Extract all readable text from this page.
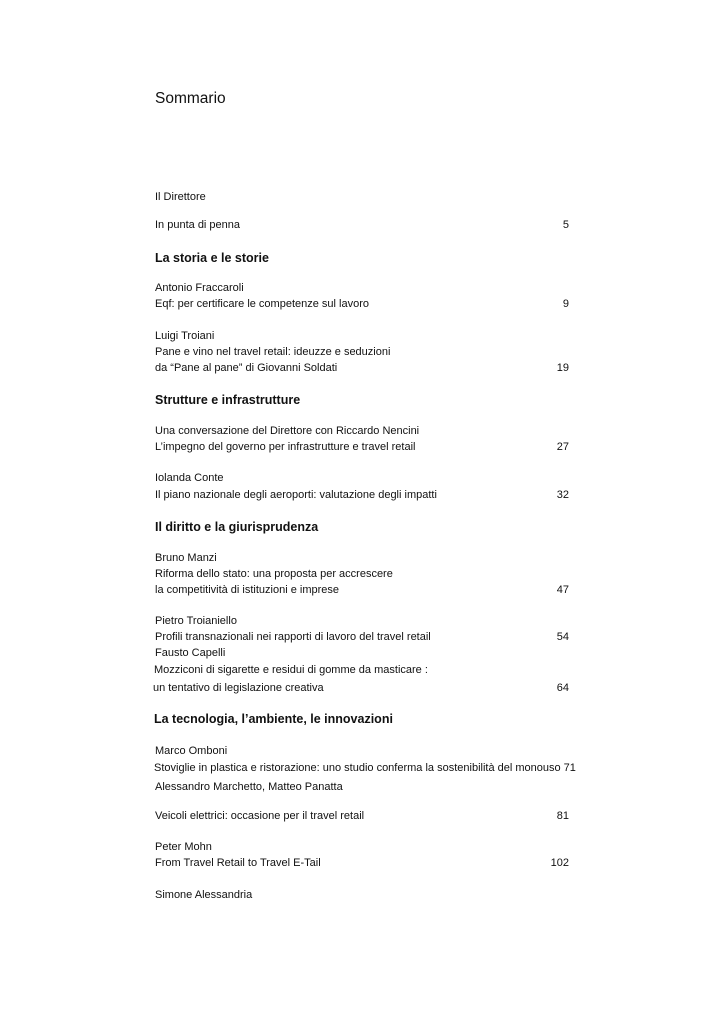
Sommario
Il Direttore
In punta di penna	5
La storia e le storie
Antonio Fraccaroli
Eqf: per certificare le competenze sul lavoro	9
Luigi Troiani
Pane e vino nel travel retail: ideuzze e seduzioni
da “Pane al pane” di Giovanni Soldati	19
Strutture e infrastrutture
Una conversazione del Direttore con Riccardo Nencini
L’impegno del governo per infrastrutture e travel retail	27
Iolanda Conte
Il piano nazionale degli aeroporti: valutazione degli impatti	32
Il diritto e la giurisprudenza
Bruno Manzi
Riforma dello stato: una proposta per accrescere
la competitività di istituzioni e imprese	47
Pietro Troianiello
Profili transnazionali nei rapporti di lavoro del travel retail	54
Fausto Capelli
Mozziconi di sigarette e residui di gomme da masticare :
un tentativo di legislazione creativa	64
La tecnologia, l’ambiente, le innovazioni
Marco Omboni
Stoviglie in plastica e ristorazione: uno studio conferma la sostenibilità del monouso 71
Alessandro Marchetto, Matteo Panatta
Veicoli elettrici: occasione per il travel retail	81
Peter Mohn
From Travel Retail to Travel E-Tail	102
Simone Alessandria
